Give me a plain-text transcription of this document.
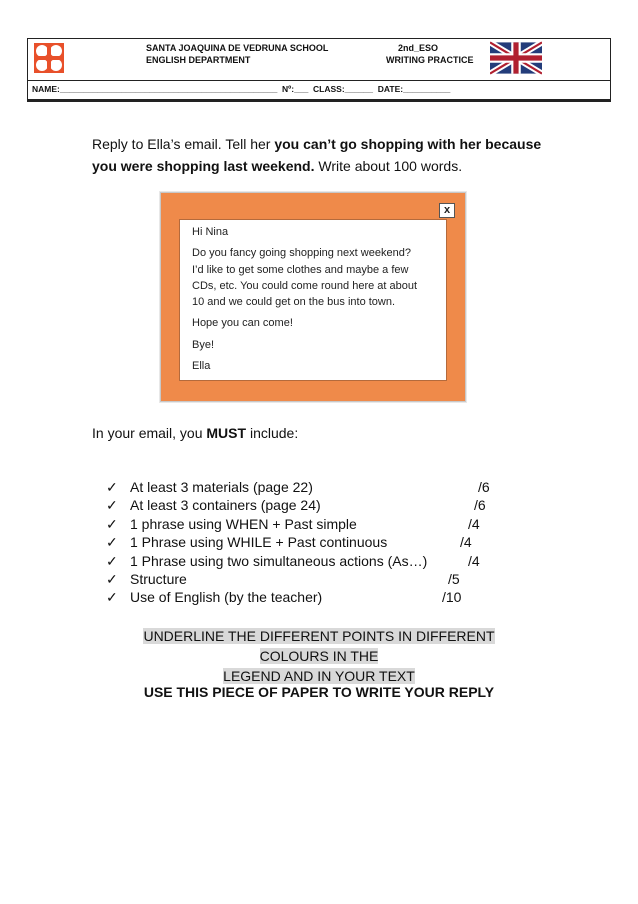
SANTA JOAQUINA DE VEDRUNA SCHOOL
ENGLISH DEPARTMENT
2nd_ESO
WRITING PRACTICE
NAME:______________________________________________  Nº:___  CLASS:______  DATE:__________
Reply to Ella’s email. Tell her you can’t go shopping with her because you were shopping last weekend. Write about 100 words.
x
Hi Nina
Do you fancy going shopping next weekend?
I’d like to get some clothes and maybe a few
CDs, etc. You could come round here at about
10 and we could get on the bus into town.
Hope you can come!
Bye!
Ella
In your email, you MUST include:
✓ At least 3 materials (page 22)	/6
✓ At least 3 containers (page 24)	/6
✓ 1 phrase using WHEN + Past simple	/4
✓ 1 Phrase using WHILE + Past continuous	/4
✓ 1 Phrase using two simultaneous actions (As…)	/4
✓ Structure	/5
✓ Use of English (by the teacher)	/10
UNDERLINE THE DIFFERENT POINTS IN DIFFERENT COLOURS IN THE
LEGEND AND IN YOUR TEXT
USE THIS PIECE OF PAPER TO WRITE YOUR REPLY
